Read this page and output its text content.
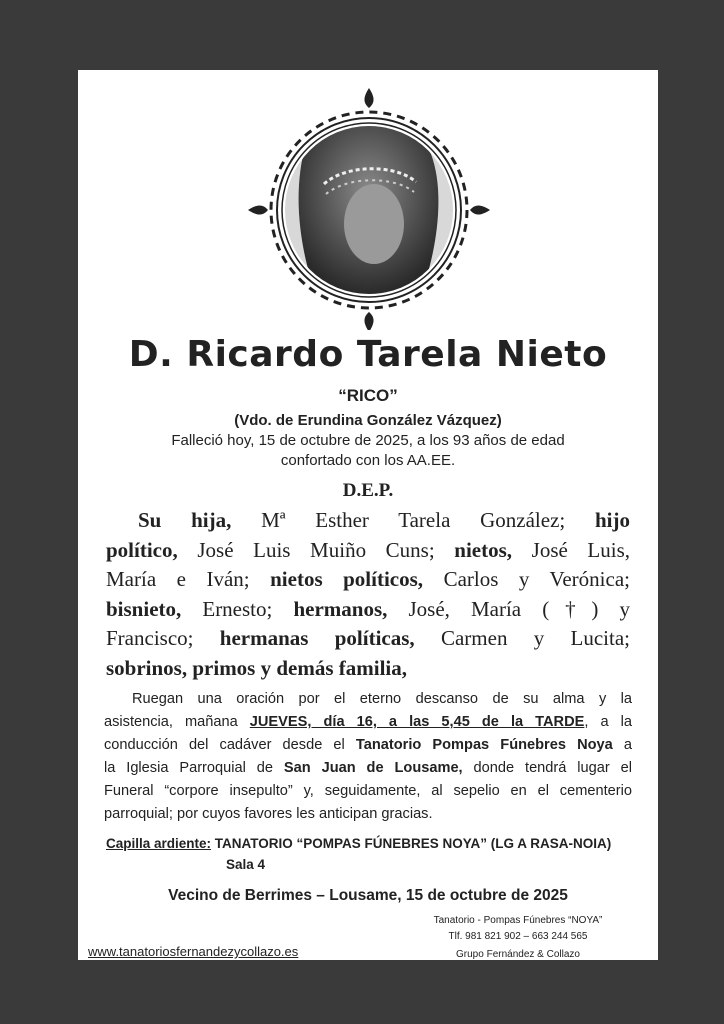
D. Ricardo Tarela Nieto
“RICO”
(Vdo. de Erundina González Vázquez)
Falleció hoy, 15 de octubre de 2025, a los 93 años de edad
confortado con los AA.EE.
D.E.P.
Su hija, Mª Esther Tarela González; hijo
político, José Luis Muiño Cuns; nietos, José Luis,
María e Iván; nietos políticos, Carlos y Verónica;
bisnieto, Ernesto; hermanos, José, María (†) y
Francisco; hermanas políticas, Carmen y Lucita;
sobrinos, primos y demás familia,
Ruegan una oración por el eterno descanso de su alma y la
asistencia, mañana JUEVES, día 16, a las 5,45 de la TARDE, a la
conducción del cadáver desde el Tanatorio Pompas Fúnebres Noya a
la Iglesia Parroquial de San Juan de Lousame, donde tendrá lugar el
Funeral “corpore insepulto” y, seguidamente, al sepelio en el cementerio
parroquial; por cuyos favores les anticipan gracias.
Capilla ardiente: TANATORIO “POMPAS FÚNEBRES NOYA” (LG A RASA-NOIA)
Sala 4
Vecino de Berrimes – Lousame, 15 de octubre de 2025
Tanatorio - Pompas Fúnebres “NOYA”
Tlf. 981 821 902 – 663 244 565
Grupo Fernández & Collazo
www.tanatoriosfernandezycollazo.es
